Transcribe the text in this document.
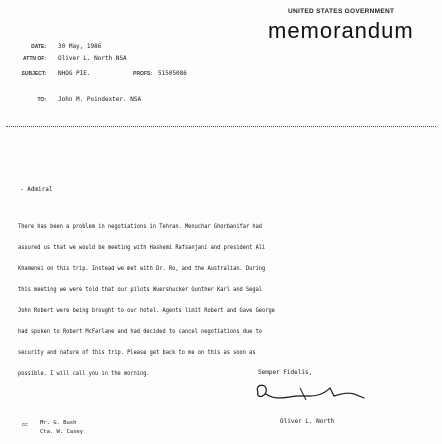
UNITED STATES GOVERNMENT
memorandum
DATE: 30 May, 1986
ATTN OF: Oliver L. North NSA
SUBJECT: NHOG PIE.	PROFS: 51505086
TO: John M. Poindexter. NSA
- Admiral

There has been a problem in negotiations in Tehran. Menuchar Ghorbanifar had

assured us that we would be meeting with Hashemi Rafsanjani and president Ali

Khamenei on this trip. Instead we met with Dr. Ro, and the Australian. During

this meeting we were told that our pilots Wuershucker Gunther Karl and Segal

John Robert were being brought to our hotel. Agents limit Robert and Gave George

had spoken to Robert McFarlane and had decided to cancel negotiations due to

security and nature of this trip. Please get back to me on this as soon as

possible. I will call you in the morning.

	Semper Fidelis,
Oliver L. North
cc: Mr. G. Bush
Cta. W. Casey
